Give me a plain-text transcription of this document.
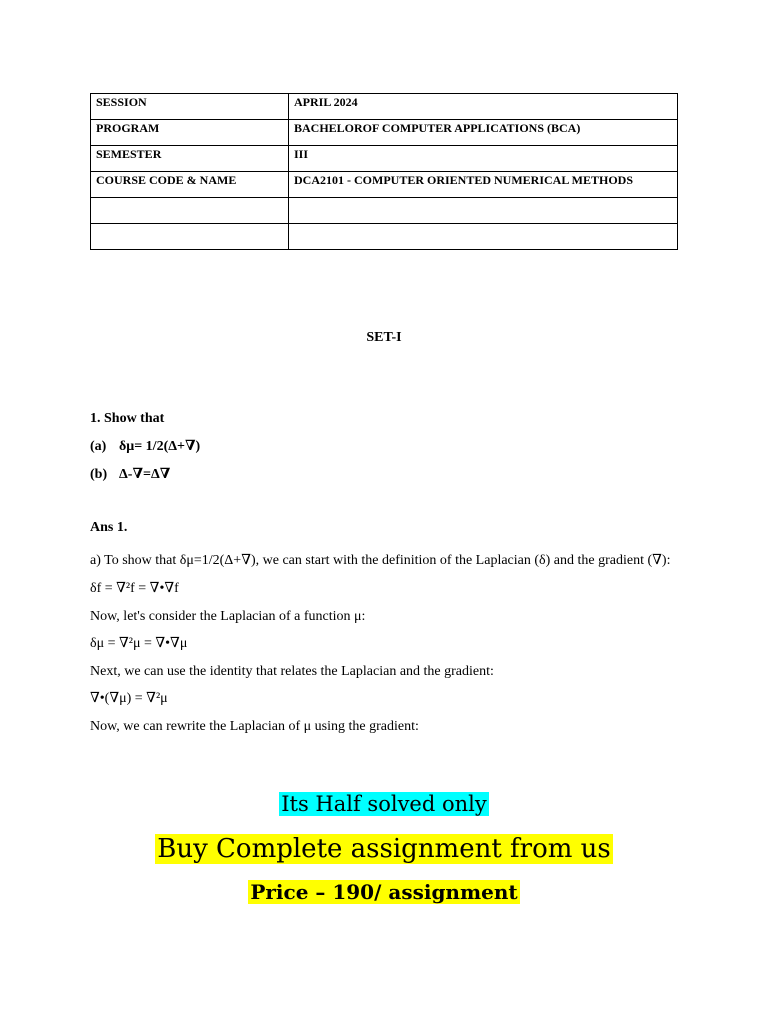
SESSION	APRIL 2024
PROGRAM	BACHELOROF COMPUTER APPLICATIONS (BCA)
SEMESTER	III
COURSE CODE & NAME	DCA2101 - COMPUTER ORIENTED NUMERICAL METHODS

SET-I
1. Show that
(a) δμ= 1/2(Δ+∇)
(b) Δ-∇=Δ∇
Ans 1.

a) To show that δμ=1/2(Δ+∇), we can start with the definition of the Laplacian (δ) and the gradient (∇):

δf = ∇²f = ∇•∇f
Now, let's consider the Laplacian of a function μ:
δμ = ∇²μ = ∇•∇μ
Next, we can use the identity that relates the Laplacian and the gradient:
∇•(∇μ) = ∇²μ
Now, we can rewrite the Laplacian of μ using the gradient:
Its Half solved only
Buy Complete assignment from us
Price – 190/ assignment
